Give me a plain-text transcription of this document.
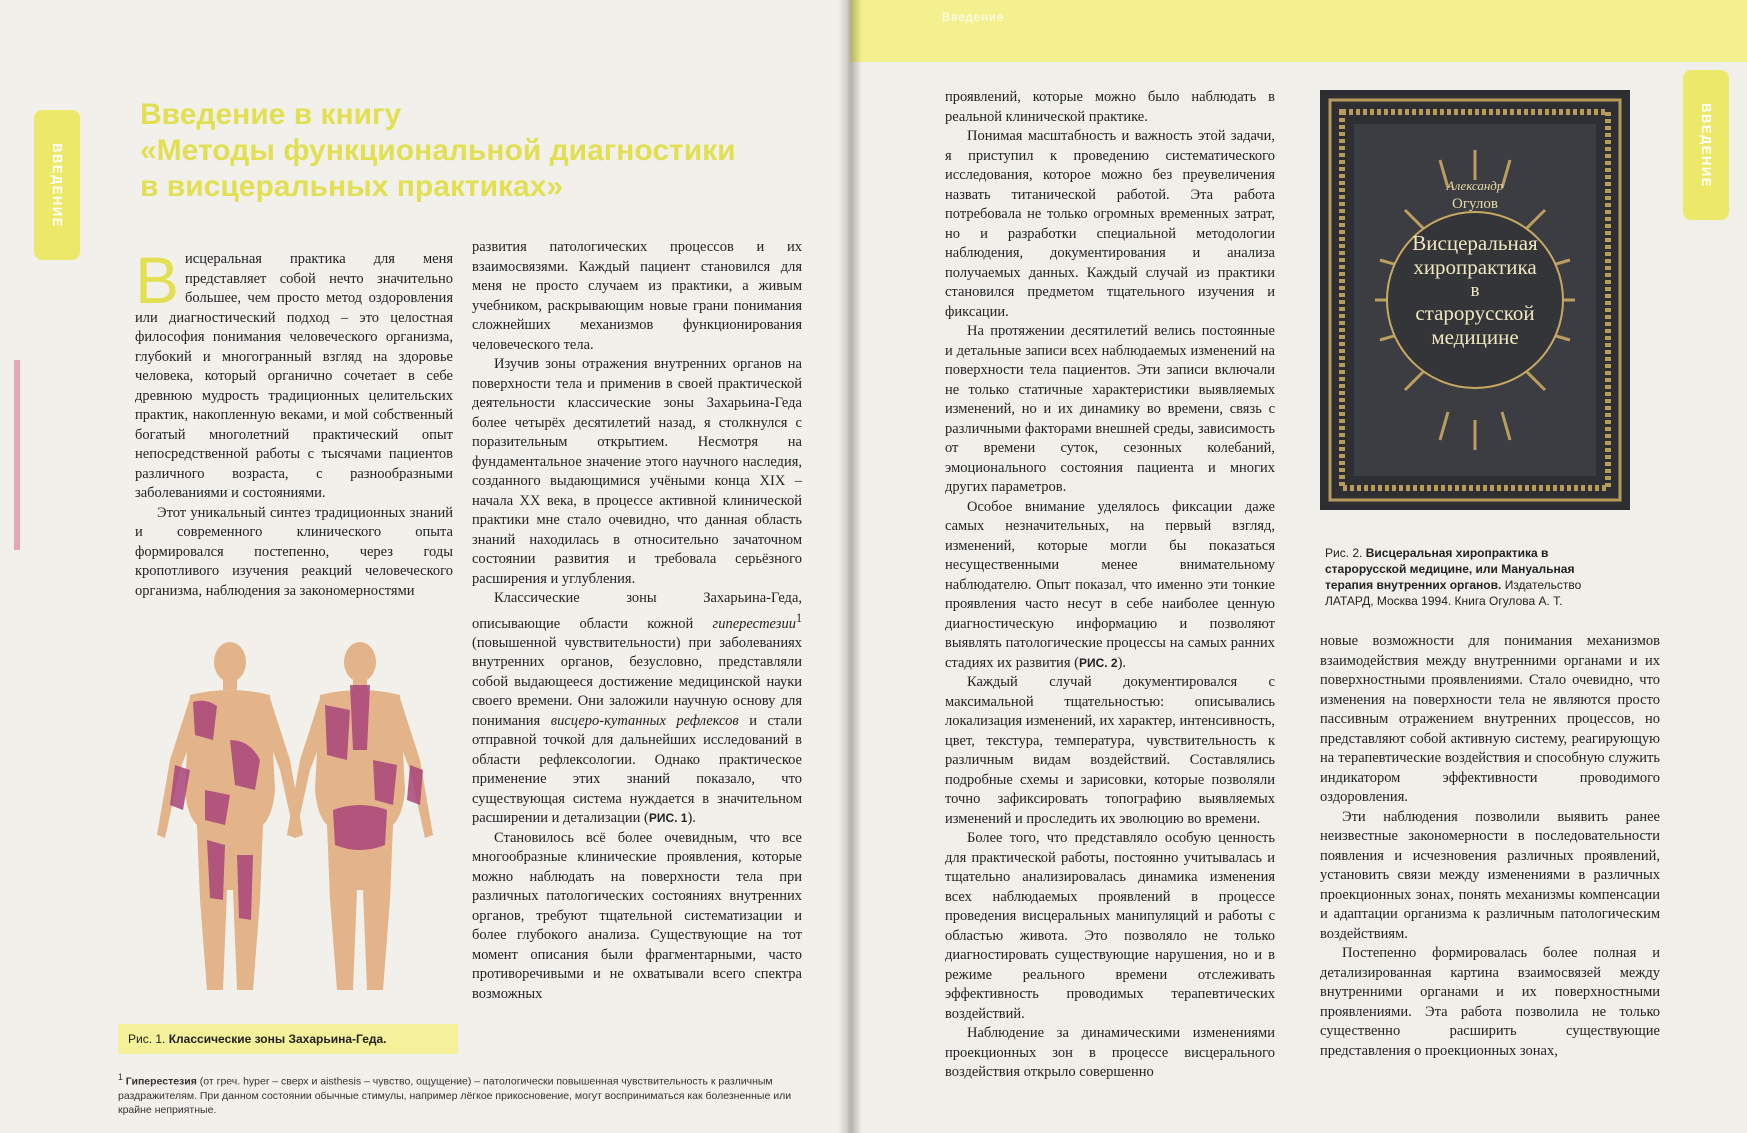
ВВЕДЕНИЕ
Введение в книгу
«Методы функциональной диагностики
в висцеральных практиках»

Висцеральная практика для меня представляет собой нечто значительно большее, чем просто метод оздоровления или диагностический подход – это целостная философия понимания человеческого организма, глубокий и многогранный взгляд на здоровье человека, который органично сочетает в себе древнюю мудрость традиционных целительских практик, накопленную веками, и мой собственный богатый многолетний практический опыт непосредственной работы с тысячами пациентов различного возраста, с разнообразными заболеваниями и состояниями.

Этот уникальный синтез традиционных знаний и современного клинического опыта формировался постепенно, через годы кропотливого изучения реакций человеческого организма, наблюдения за закономерностями

развития патологических процессов и их взаимосвязями. Каждый пациент становился для меня не просто случаем из практики, а живым учебником, раскрывающим новые грани понимания сложнейших механизмов функционирования человеческого тела.

Изучив зоны отражения внутренних органов на поверхности тела и применив в своей практической деятельности классические зоны Захарьина-Геда более четырёх десятилетий назад, я столкнулся с поразительным открытием. Несмотря на фундаментальное значение этого научного наследия, созданного выдающимися учёными конца XIX – начала XX века, в процессе активной клинической практики мне стало очевидно, что данная область знаний находилась в относительно зачаточном состоянии развития и требовала серьёзного расширения и углубления.

Классические зоны Захарьина-Геда, описывающие области кожной гиперестезии$^1$ (повышенной чувствительности) при заболеваниях внутренних органов, безусловно, представляли собой выдающееся достижение медицинской науки своего времени. Они заложили научную основу для понимания висцеро-кутанных рефлексов и стали отправной точкой для дальнейших исследований в области рефлексологии. Однако практическое применение этих знаний показало, что существующая система нуждается в значительном расширении и детализации (РИС. 1).

Становилось всё более очевидным, что все многообразные клинические проявления, которые можно наблюдать на поверхности тела при различных патологических состояниях внутренних органов, требуют тщательной систематизации и более глубокого анализа. Существующие на тот момент описания были фрагментарными, часто противоречивыми и не охватывали всего спектра возможных

Рис. 1. Классические зоны Захарьина-Геда.
$^1$ Гиперестезия (от греч. hyper – сверх и aisthesis – чувство, ощущение) – патологически повышенная чувствительность к различным раздражителям. При данном состоянии обычные стимулы, например лёгкое прикосновение, могут восприниматься как болезненные или крайне неприятные.
Введение
ВВЕДЕНИЕ

проявлений, которые можно было наблюдать в реальной клинической практике.

Понимая масштабность и важность этой задачи, я приступил к проведению систематического исследования, которое можно без преувеличения назвать титанической работой. Эта работа потребовала не только огромных временных затрат, но и разработки специальной методологии наблюдения, документирования и анализа получаемых данных. Каждый случай из практики становился предметом тщательного изучения и фиксации.

На протяжении десятилетий велись постоянные и детальные записи всех наблюдаемых изменений на поверхности тела пациентов. Эти записи включали не только статичные характеристики выявляемых изменений, но и их динамику во времени, связь с различными факторами внешней среды, зависимость от времени суток, сезонных колебаний, эмоционального состояния пациента и многих других параметров.

Особое внимание уделялось фиксации даже самых незначительных, на первый взгляд, изменений, которые могли бы показаться несущественными менее внимательному наблюдателю. Опыт показал, что именно эти тонкие проявления часто несут в себе наиболее ценную диагностическую информацию и позволяют выявлять патологические процессы на самых ранних стадиях их развития (РИС. 2).

Каждый случай документировался с максимальной тщательностью: описывались локализация изменений, их характер, интенсивность, цвет, текстура, температура, чувствительность к различным видам воздействий. Составлялись подробные схемы и зарисовки, которые позволяли точно зафиксировать топографию выявляемых изменений и проследить их эволюцию во времени.

Более того, что представляло особую ценность для практической работы, постоянно учитывалась и тщательно анализировалась динамика изменения всех наблюдаемых проявлений в процессе проведения висцеральных манипуляций и работы с областью живота. Это позволяло не только диагностировать существующие нарушения, но и в режиме реального времени отслеживать эффективность проводимых терапевтических воздействий.

Наблюдение за динамическими изменениями проекционных зон в процессе висцерального воздействия открыло совершенно

Александр
Огулов
Висцеральная
хиропрактика
в
старорусской
медицине
Рис. 2. Висцеральная хиропрактика в старорусской медицине, или Мануальная терапия внутренних органов. Издательство ЛАТАРД, Москва 1994. Книга Огулова А. Т.

новые возможности для понимания механизмов взаимодействия между внутренними органами и их поверхностными проявлениями. Стало очевидно, что изменения на поверхности тела не являются просто пассивным отражением внутренних процессов, но представляют собой активную систему, реагирующую на терапевтические воздействия и способную служить индикатором эффективности проводимого оздоровления.

Эти наблюдения позволили выявить ранее неизвестные закономерности в последовательности появления и исчезновения различных проявлений, установить связи между изменениями в различных проекционных зонах, понять механизмы компенсации и адаптации организма к различным патологическим воздействиям.

Постепенно формировалась более полная и детализированная картина взаимосвязей между внутренними органами и их поверхностными проявлениями. Эта работа позволила не только существенно расширить существующие представления о проекционных зонах,
